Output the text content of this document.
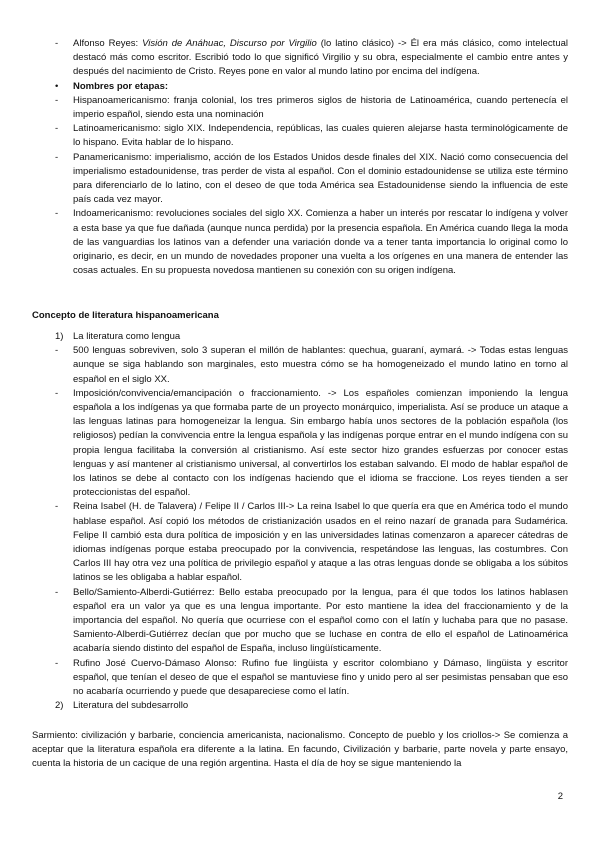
- Alfonso Reyes: Visión de Anáhuac, Discurso por Virgilio (lo latino clásico) -> Él era más clásico, como intelectual destacó más como escritor. Escribió todo lo que significó Virgilio y su obra, especialmente el cambio entre antes y después del nacimiento de Cristo. Reyes pone en valor al mundo latino por encima del indígena.

• Nombres por etapas:

- Hispanoamericanismo: franja colonial, los tres primeros siglos de historia de Latinoamérica, cuando pertenecía el imperio español, siendo esta una nominación

- Latinoamericanismo: siglo XIX. Independencia, repúblicas, las cuales quieren alejarse hasta terminológicamente de lo hispano. Evita hablar de lo hispano.

- Panamericanismo: imperialismo, acción de los Estados Unidos desde finales del XIX. Nació como consecuencia del imperialismo estadounidense, tras perder de vista al español. Con el dominio estadounidense se utiliza este término para diferenciarlo de lo latino, con el deseo de que toda América sea Estadounidense siendo la influencia de este país cada vez mayor.

- Indoamericanismo: revoluciones sociales del siglo XX. Comienza a haber un interés por rescatar lo indígena y volver a esta base ya que fue dañada (aunque nunca perdida) por la presencia española. En América cuando llega la moda de las vanguardias los latinos van a defender una variación donde va a tener tanta importancia lo original como lo originario, es decir, en un mundo de novedades proponer una vuelta a los orígenes en una manera de entender las cosas actuales. En su propuesta novedosa mantienen su conexión con su origen indígena.

Concepto de literatura hispanoamericana
1) La literatura como lengua

- 500 lenguas sobreviven, solo 3 superan el millón de hablantes: quechua, guaraní, aymará. -> Todas estas lenguas aunque se siga hablando son marginales, esto muestra cómo se ha homogeneizado el mundo latino en torno al español en el siglo XX.

- Imposición/convivencia/emancipación o fraccionamiento. -> Los españoles comienzan imponiendo la lengua española a los indígenas ya que formaba parte de un proyecto monárquico, imperialista. Así se produce un ataque a las lenguas latinas para homogeneizar la lengua. Sin embargo había unos sectores de la población española (los religiosos) pedían la convivencia entre la lengua española y las indígenas porque entrar en el mundo indígena con su propia lengua facilitaba la conversión al cristianismo. Así este sector hizo grandes esfuerzas por conocer estas lenguas y así mantener al cristianismo universal, al convertirlos los estaban salvando. El modo de hablar español de los latinos se debe al contacto con los indígenas haciendo que el idioma se fraccione. Los reyes tienden a ser proteccionistas del español.

- Reina Isabel (H. de Talavera) / Felipe II / Carlos III-> La reina Isabel lo que quería era que en América todo el mundo hablase español. Así copió los métodos de cristianización usados en el reino nazarí de granada para Sudamérica. Felipe II cambió esta dura política de imposición y en las universidades latinas comenzaron a aparecer cátedras de idiomas indígenas porque estaba preocupado por la convivencia, respetándose las lenguas, las costumbres. Con Carlos III hay otra vez una política de privilegio español y ataque a las otras lenguas donde se obligaba a los súbitos latinos se les obligaba a hablar español.

- Bello/Samiento-Alberdi-Gutiérrez: Bello estaba preocupado por la lengua, para él que todos los latinos hablasen español era un valor ya que es una lengua importante. Por esto mantiene la idea del fraccionamiento y de la importancia del español. No quería que ocurriese con el español como con el latín y luchaba para que no pasase. Samiento-Alberdi-Gutiérrez decían que por mucho que se luchase en contra de ello el español de Latinoamérica acabaría siendo distinto del español de España, incluso lingüísticamente.

- Rufino José Cuervo-Dámaso Alonso: Rufino fue lingüista y escritor colombiano y Dámaso, lingüista y escritor español, que tenían el deseo de que el español se mantuviese fino y unido pero al ser pesimistas pensaban que eso no acabaría ocurriendo y puede que desapareciese como el latín.

2) Literatura del subdesarrollo

Sarmiento: civilización y barbarie, conciencia americanista, nacionalismo. Concepto de pueblo y los criollos-> Se comienza a aceptar que la literatura española era diferente a la latina. En facundo, Civilización y barbarie, parte novela y parte ensayo, cuenta la historia de un cacique de una región argentina. Hasta el día de hoy se sigue manteniendo la

2
